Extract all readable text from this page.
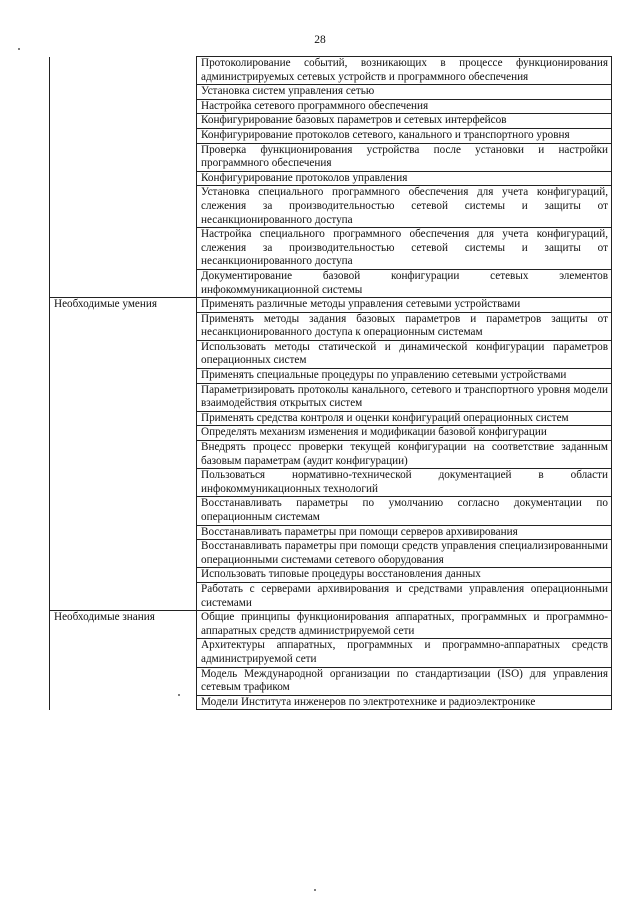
28
	Протоколирование событий, возникающих в процессе функционирования администрируемых сетевых устройств и программного обеспечения
	Установка систем управления сетью
	Настройка сетевого программного обеспечения
	Конфигурирование базовых параметров и сетевых интерфейсов
	Конфигурирование протоколов сетевого, канального и транспортного уровня
	Проверка функционирования устройства после установки и настройки программного обеспечения
	Конфигурирование протоколов управления
	Установка специального программного обеспечения для учета конфигураций, слежения за производительностью сетевой системы и защиты от несанкционированного доступа
	Настройка специального программного обеспечения для учета конфигураций, слежения за производительностью сетевой системы и защиты от несанкционированного доступа
	Документирование базовой конфигурации сетевых элементов инфокоммуникационной системы
Необходимые умения	Применять различные методы управления сетевыми устройствами
	Применять методы задания базовых параметров и параметров защиты от несанкционированного доступа к операционным системам
	Использовать методы статической и динамической конфигурации параметров операционных систем
	Применять специальные процедуры по управлению сетевыми устройствами
	Параметризировать протоколы канального, сетевого и транспортного уровня модели взаимодействия открытых систем
	Применять средства контроля и оценки конфигураций операционных систем
	Определять механизм изменения и модификации базовой конфигурации
	Внедрять процесс проверки текущей конфигурации на соответствие заданным базовым параметрам (аудит конфигурации)
	Пользоваться нормативно-технической документацией в области инфокоммуникационных технологий
	Восстанавливать параметры по умолчанию согласно документации по операционным системам
	Восстанавливать параметры при помощи серверов архивирования
	Восстанавливать параметры при помощи средств управления специализированными операционными системами сетевого оборудования
	Использовать типовые процедуры восстановления данных
	Работать с серверами архивирования и средствами управления операционными системами
Необходимые знания	Общие принципы функционирования аппаратных, программных и программно-аппаратных средств администрируемой сети
	Архитектуры аппаратных, программных и программно-аппаратных средств администрируемой сети
	Модель Международной организации по стандартизации (ISO) для управления сетевым трафиком
	Модели Института инженеров по электротехнике и радиоэлектронике
